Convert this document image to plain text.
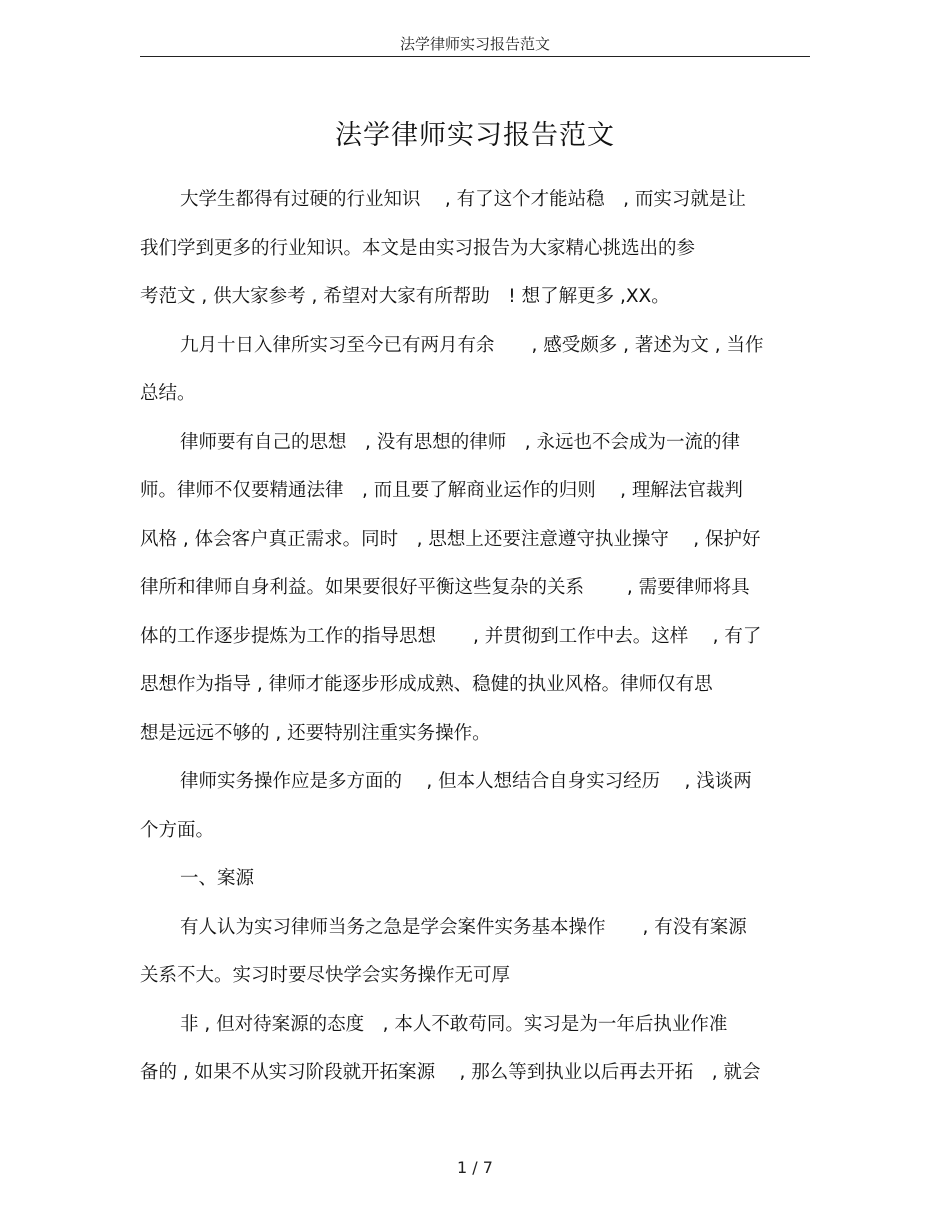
法学律师实习报告范文
法学律师实习报告范文
大学生都得有过硬的行业知识　 , 有了这个才能站稳　, 而实习就是让
我们学到更多的行业知识。本文是由实习报告为大家精心挑选出的参
考范文 , 供大家参考 , 希望对大家有所帮助　! 想了解更多 ,XX。
九月十日入律所实习至今已有两月有余　　, 感受颇多 , 著述为文 , 当作
总结。
律师要有自己的思想　, 没有思想的律师　, 永远也不会成为一流的律
师。律师不仅要精通法律　, 而且要了解商业运作的归则　 , 理解法官裁判
风格 , 体会客户真正需求。同时　, 思想上还要注意遵守执业操守　 , 保护好
律所和律师自身利益。如果要很好平衡这些复杂的关系　　 , 需要律师将具
体的工作逐步提炼为工作的指导思想　　, 并贯彻到工作中去。这样　 , 有了
思想作为指导 , 律师才能逐步形成成熟、稳健的执业风格。律师仅有思
想是远远不够的 , 还要特别注重实务操作。
律师实务操作应是多方面的　 , 但本人想结合自身实习经历　 , 浅谈两
个方面。
一、案源
有人认为实习律师当务之急是学会案件实务基本操作　　, 有没有案源
关系不大。实习时要尽快学会实务操作无可厚
非 , 但对待案源的态度　, 本人不敢苟同。实习是为一年后执业作准
备的 , 如果不从实习阶段就开拓案源　 , 那么等到执业以后再去开拓　, 就会
1 / 7
